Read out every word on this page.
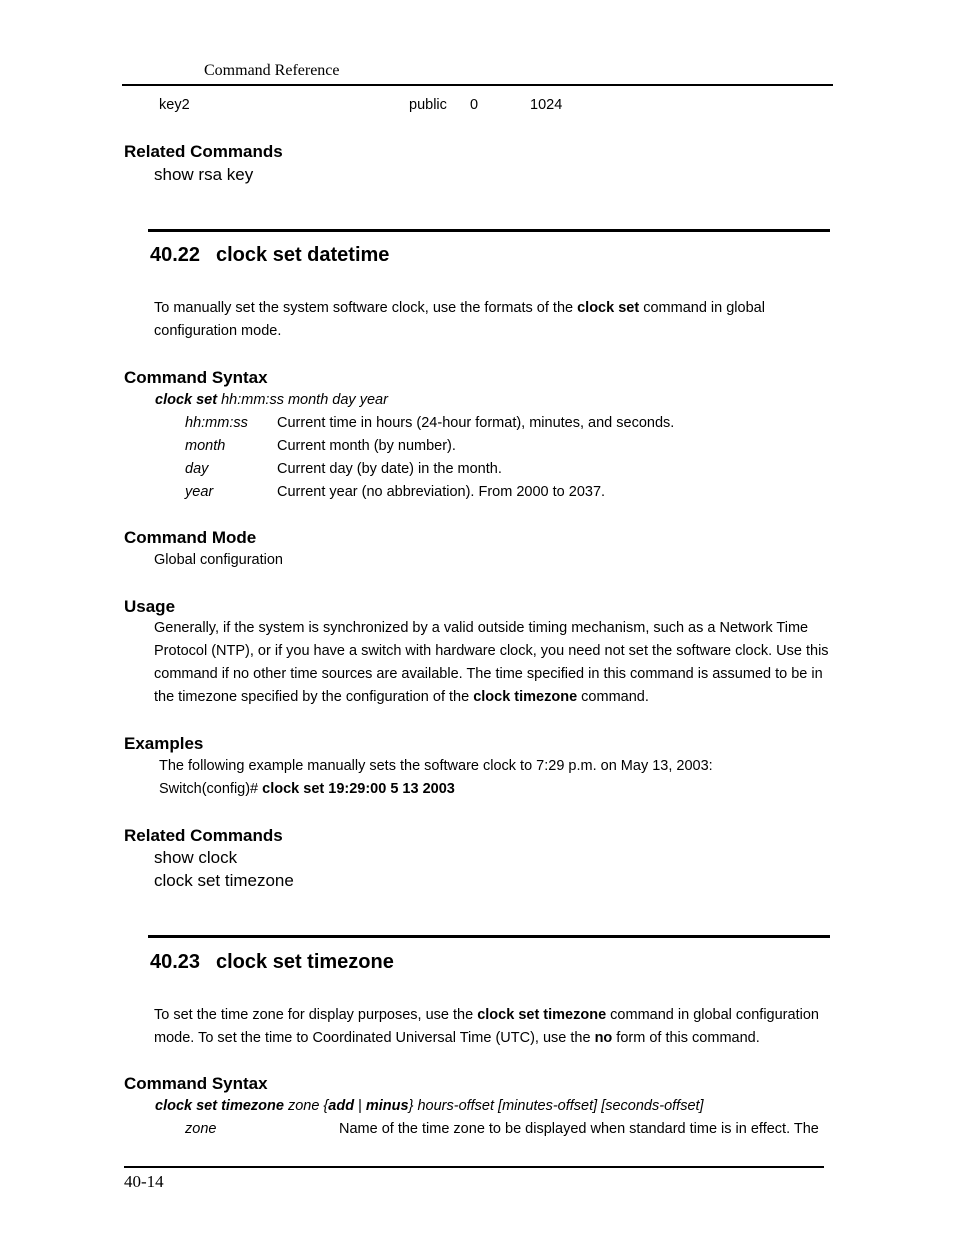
Command Reference
key2	public 0	1024
Related Commands
show rsa key
40.22 clock set datetime
To manually set the system software clock, use the formats of the clock set command in global configuration mode.
Command Syntax
clock set hh:mm:ss month day year
hh:mm:ss Current time in hours (24-hour format), minutes, and seconds.
month	Current month (by number).
day	Current day (by date) in the month.
year	Current year (no abbreviation). From 2000 to 2037.
Command Mode
Global configuration
Usage
Generally, if the system is synchronized by a valid outside timing mechanism, such as a Network Time Protocol (NTP), or if you have a switch with hardware clock, you need not set the software clock. Use this command if no other time sources are available. The time specified in this command is assumed to be in the timezone specified by the configuration of the clock timezone command.
Examples
The following example manually sets the software clock to 7:29 p.m. on May 13, 2003:
Switch(config)# clock set 19:29:00 5 13 2003
Related Commands
show clock
clock set timezone
40.23 clock set timezone
To set the time zone for display purposes, use the clock set timezone command in global configuration mode. To set the time to Coordinated Universal Time (UTC), use the no form of this command.
Command Syntax
clock set timezone zone {add | minus} hours-offset [minutes-offset] [seconds-offset]
zone	Name of the time zone to be displayed when standard time is in effect. The
40-14
